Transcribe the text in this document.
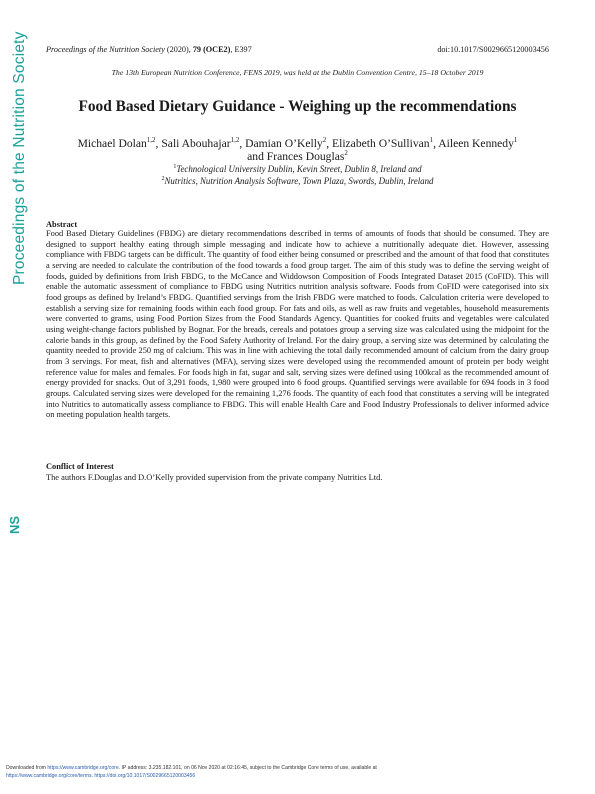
Proceedings of the Nutrition Society (2020), 79 (OCE2), E397	doi:10.1017/S0029665120003456
The 13th European Nutrition Conference, FENS 2019, was held at the Dublin Convention Centre, 15–18 October 2019
Food Based Dietary Guidance - Weighing up the recommendations
Michael Dolan$^{1,2}$, Sali Abouhajar$^{1,2}$, Damian O’Kelly$^2$, Elizabeth O’Sullivan$^1$, Aileen Kennedy$^1$
and Frances Douglas$^2$
$^1$Technological University Dublin, Kevin Street, Dublin 8, Ireland and
$^2$Nutritics, Nutrition Analysis Software, Town Plaza, Swords, Dublin, Ireland
Proceedings of the Nutrition Society
NS
Abstract
Food Based Dietary Guidelines (FBDG) are dietary recommendations described in terms of amounts of foods that should be consumed. They are designed to support healthy eating through simple messaging and indicate how to achieve a nutritionally adequate diet. However, assessing compliance with FBDG targets can be difficult. The quantity of food either being consumed or prescribed and the amount of that food that constitutes a serving are needed to calculate the contribution of the food towards a food group target. The aim of this study was to define the serving weight of foods, guided by definitions from Irish FBDG, to the McCance and Widdowson Composition of Foods Integrated Dataset 2015 (CoFID). This will enable the automatic assessment of compliance to FBDG using Nutritics nutrition analysis software. Foods from CoFID were categorised into six food groups as defined by Ireland’s FBDG. Quantified servings from the Irish FBDG were matched to foods. Calculation criteria were developed to establish a serving size for remaining foods within each food group. For fats and oils, as well as raw fruits and vegetables, household measurements were converted to grams, using Food Portion Sizes from the Food Standards Agency. Quantities for cooked fruits and vegetables were calculated using weight-change factors published by Bognar. For the breads, cereals and potatoes group a serving size was calculated using the midpoint for the calorie bands in this group, as defined by the Food Safety Authority of Ireland. For the dairy group, a serving size was determined by calculating the quantity needed to provide 250 mg of calcium. This was in line with achieving the total daily recommended amount of calcium from the dairy group from 3 servings. For meat, fish and alternatives (MFA), serving sizes were developed using the recommended amount of protein per body weight reference value for males and females. For foods high in fat, sugar and salt, serving sizes were defined using 100kcal as the recommended amount of energy provided for snacks. Out of 3,291 foods, 1,980 were grouped into 6 food groups. Quantified servings were available for 694 foods in 3 food groups. Calculated serving sizes were developed for the remaining 1,276 foods. The quantity of each food that constitutes a serving will be integrated into Nutritics to automatically assess compliance to FBDG. This will enable Health Care and Food Industry Professionals to deliver informed advice on meeting population health targets.
Conflict of Interest
The authors F.Douglas and D.O’Kelly provided supervision from the private company Nutritics Ltd.
Downloaded from https://www.cambridge.org/core. IP address: 3.235.182.101, on 06 Nov 2020 at 02:16:45, subject to the Cambridge Core terms of use, available at
https://www.cambridge.org/core/terms. https://doi.org/10.1017/S0029665120003456
